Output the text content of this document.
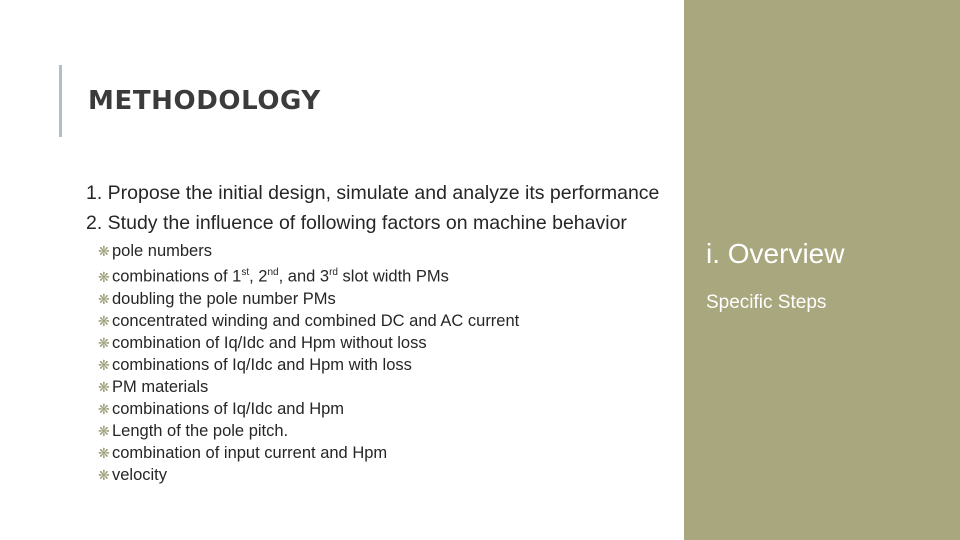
METHODOLOGY
1. Propose the initial design, simulate and analyze its performance
2. Study the influence of following factors on machine behavior
❋ pole numbers
❋ combinations of 1st, 2nd, and 3rd slot width PMs
❋ doubling the pole number PMs
❋ concentrated winding and combined DC and AC current
❋ combination of Iq/Idc and Hpm without loss
❋ combinations of Iq/Idc and Hpm with loss
❋ PM materials
❋ combinations of Iq/Idc and Hpm
❋ Length of the pole pitch.
❋ combination of input current and Hpm
❋ velocity
i. Overview

Specific Steps
